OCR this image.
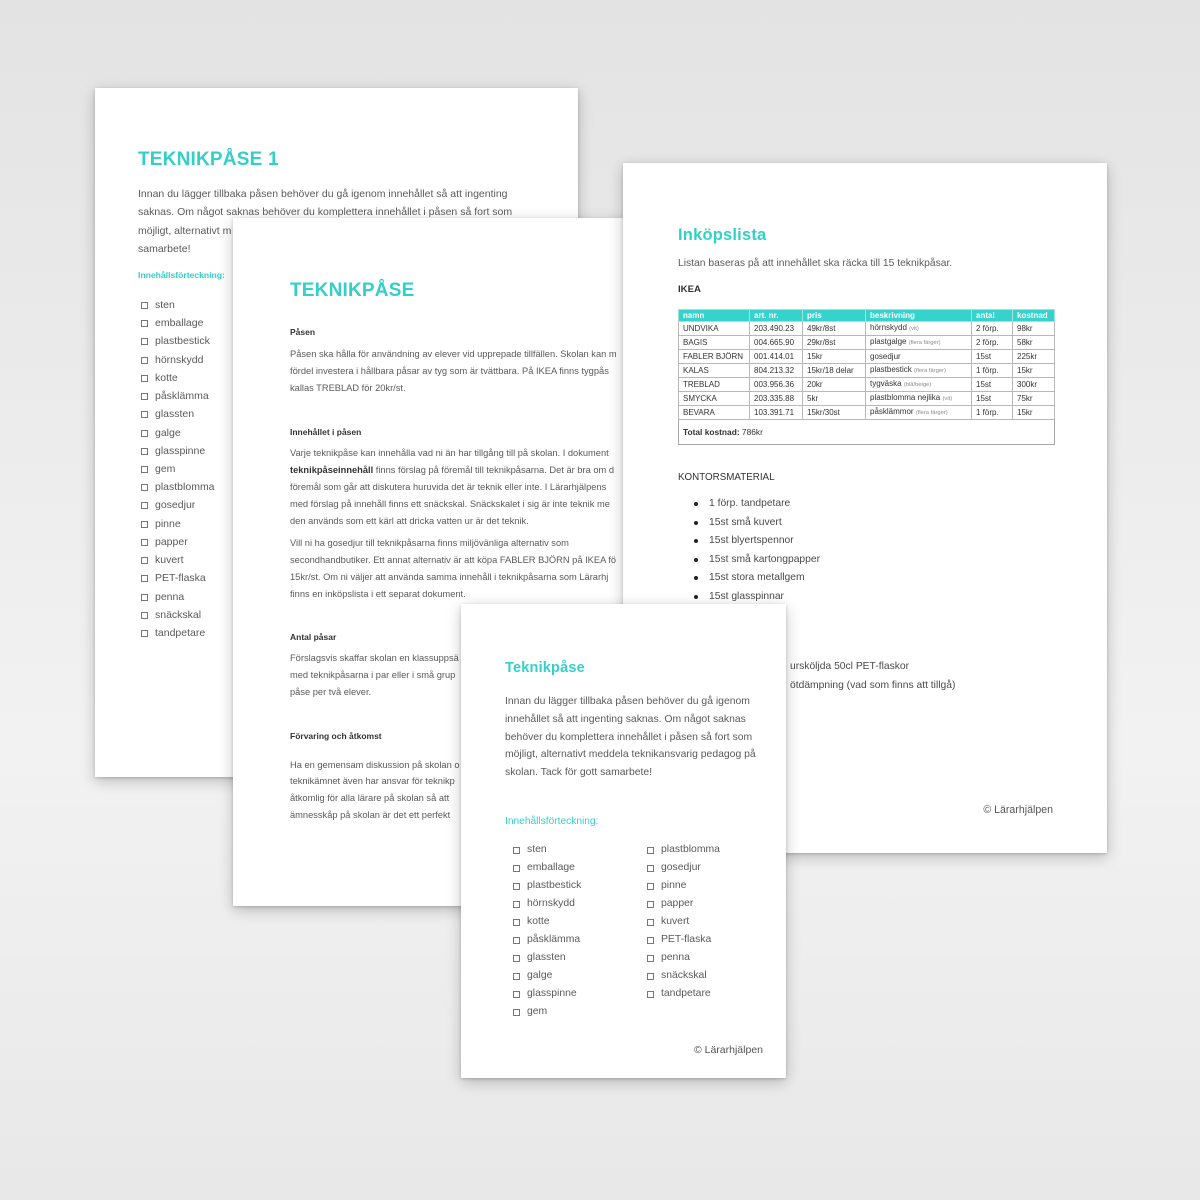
TEKNIKPÅSE 1
Innan du lägger tillbaka påsen behöver du gå igenom innehållet så att ingenting
saknas. Om något saknas behöver du komplettera innehållet i påsen så fort som
möjligt, alternativt m
samarbete!
Innehållsförteckning:
sten
emballage
plastbestick
hörnskydd
kotte
påsklämma
glassten
galge
glasspinne
gem
plastblomma
gosedjur
pinne
papper
kuvert
PET-flaska
penna
snäckskal
tandpetare
TEKNIKPÅSE
Påsen
Påsen ska hålla för användning av elever vid upprepade tillfällen. Skolan kan m
fördel investera i hållbara påsar av tyg som är tvättbara. På IKEA finns tygpås
kallas TREBLAD för 20kr/st.
Innehållet i påsen
Varje teknikpåse kan innehålla vad ni än har tillgång till på skolan. I dokument
teknikpåseinnehåll finns förslag på föremål till teknikpåsarna. Det är bra om d
föremål som går att diskutera huruvida det är teknik eller inte. I Lärarhjälpens
med förslag på innehåll finns ett snäckskal. Snäckskalet i sig är inte teknik me
den används som ett kärl att dricka vatten ur är det teknik.
Vill ni ha gosedjur till teknikpåsarna finns miljövänliga alternativ som
secondhandbutiker. Ett annat alternativ är att köpa FABLER BJÖRN på IKEA fö
15kr/st. Om ni väljer att använda samma innehåll i teknikpåsarna som Lärarhj
finns en inköpslista i ett separat dokument.
Antal påsar
Förslagsvis skaffar skolan en klassuppsä
med teknikpåsarna i par eller i små grup
påse per två elever.
Förvaring och åtkomst
Ha en gemensam diskussion på skolan o
teknikämnet även har ansvar för teknikp
åtkomlig för alla lärare på skolan så att
ämnesskåp på skolan är det ett perfekt
Inköpslista
Listan baseras på att innehållet ska räcka till 15 teknikpåsar.
IKEA
namn	art. nr.	pris	beskrivning	antal	kostnad
UNDVIKA	203.490.23	49kr/8st	hörnskydd (vit)	2 förp.	98kr
BAGIS	004.665.90	29kr/8st	plastgalge (flera färger)	2 förp.	58kr
FABLER BJÖRN	001.414.01	15kr	gosedjur	15st	225kr
KALAS	804.213.32	15kr/18 delar	plastbestick (flera färger)	1 förp.	15kr
TREBLAD	003.956.36	20kr	tygväska (blå/beige)	15st	300kr
SMYCKA	203.335.88	5kr	plastblomma nejlika (vit)	15st	75kr
BEVARA	103.391.71	15kr/30st	påsklämmor (flera färger)	1 förp.	15kr
Total kostnad: 786kr					
KONTORSMATERIAL
1 förp. tandpetare
15st små kuvert
15st blyertspennor
15st små kartongpapper
15st stora metallgem
15st glasspinnar
ursköljda 50cl PET-flaskor
ötdämpning (vad som finns att tillgå)
© Lärarhjälpen
Teknikpåse
Innan du lägger tillbaka påsen behöver du gå igenom
innehållet så att ingenting saknas. Om något saknas
behöver du komplettera innehållet i påsen så fort som
möjligt, alternativt meddela teknikansvarig pedagog på
skolan. Tack för gott samarbete!
Innehållsförteckning:
sten
emballage
plastbestick
hörnskydd
kotte
påsklämma
glassten
galge
glasspinne
gem
plastblomma
gosedjur
pinne
papper
kuvert
PET-flaska
penna
snäckskal
tandpetare
© Lärarhjälpen
